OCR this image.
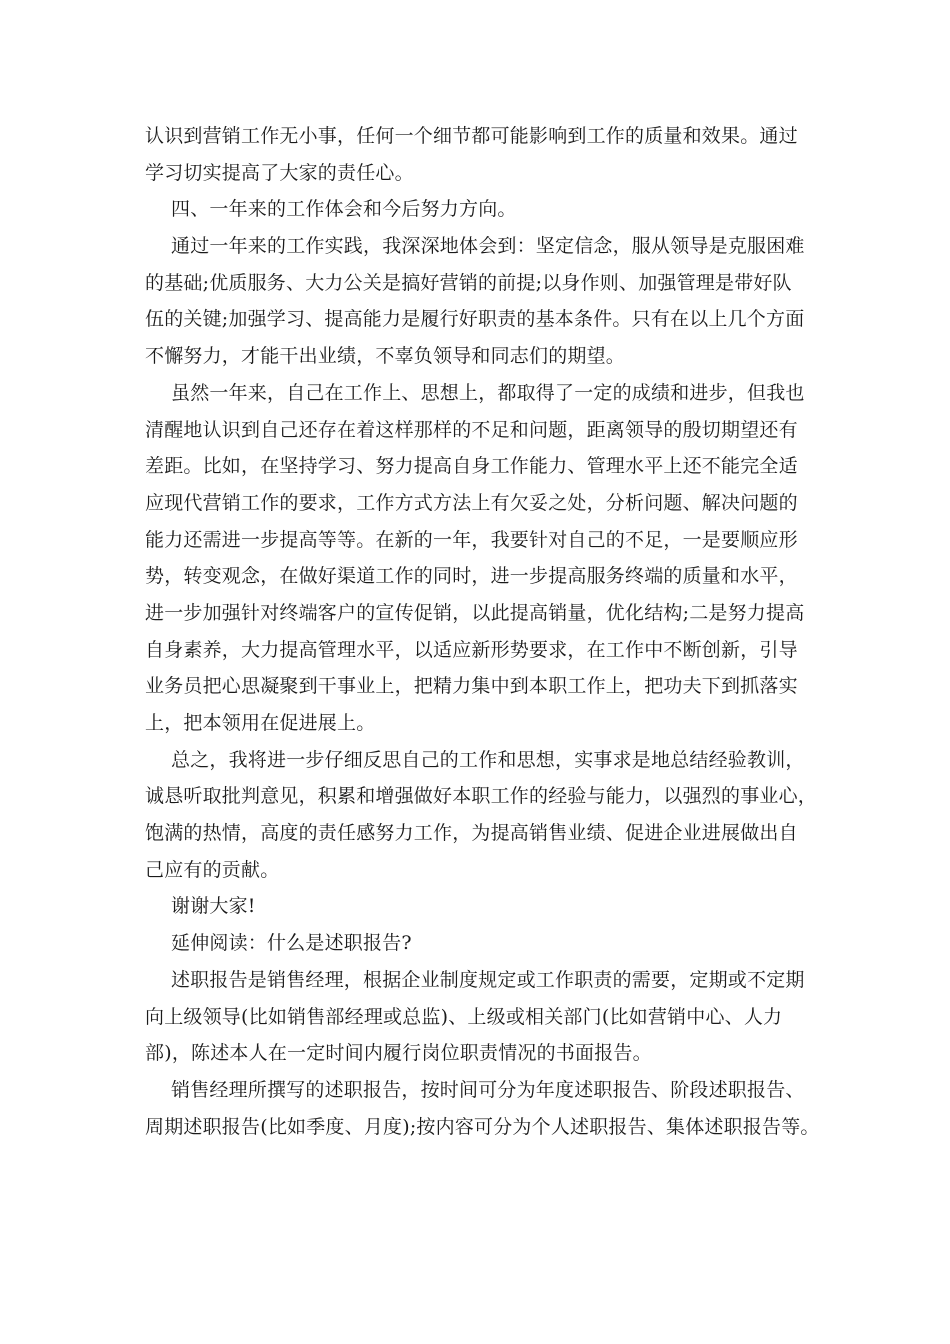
认识到营销工作无小事，任何一个细节都可能影响到工作的质量和效果。通过
学习切实提高了大家的责任心。
四、一年来的工作体会和今后努力方向。
通过一年来的工作实践，我深深地体会到：坚定信念，服从领导是克服困难
的基础;优质服务、大力公关是搞好营销的前提;以身作则、加强管理是带好队
伍的关键;加强学习、提高能力是履行好职责的基本条件。只有在以上几个方面
不懈努力，才能干出业绩，不辜负领导和同志们的期望。
虽然一年来，自己在工作上、思想上，都取得了一定的成绩和进步，但我也
清醒地认识到自己还存在着这样那样的不足和问题，距离领导的殷切期望还有
差距。比如，在坚持学习、努力提高自身工作能力、管理水平上还不能完全适
应现代营销工作的要求，工作方式方法上有欠妥之处，分析问题、解决问题的
能力还需进一步提高等等。在新的一年，我要针对自己的不足，一是要顺应形
势，转变观念，在做好渠道工作的同时，进一步提高服务终端的质量和水平，
进一步加强针对终端客户的宣传促销，以此提高销量，优化结构;二是努力提高
自身素养，大力提高管理水平，以适应新形势要求，在工作中不断创新，引导
业务员把心思凝聚到干事业上，把精力集中到本职工作上，把功夫下到抓落实
上，把本领用在促进展上。
总之，我将进一步仔细反思自己的工作和思想，实事求是地总结经验教训，
诚恳听取批判意见，积累和增强做好本职工作的经验与能力，以强烈的事业心，
饱满的热情，高度的责任感努力工作，为提高销售业绩、促进企业进展做出自
己应有的贡献。
谢谢大家!
延伸阅读：什么是述职报告?
述职报告是销售经理，根据企业制度规定或工作职责的需要，定期或不定期
向上级领导(比如销售部经理或总监)、上级或相关部门(比如营销中心、人力
部)，陈述本人在一定时间内履行岗位职责情况的书面报告。
销售经理所撰写的述职报告，按时间可分为年度述职报告、阶段述职报告、
周期述职报告(比如季度、月度);按内容可分为个人述职报告、集体述职报告等。
